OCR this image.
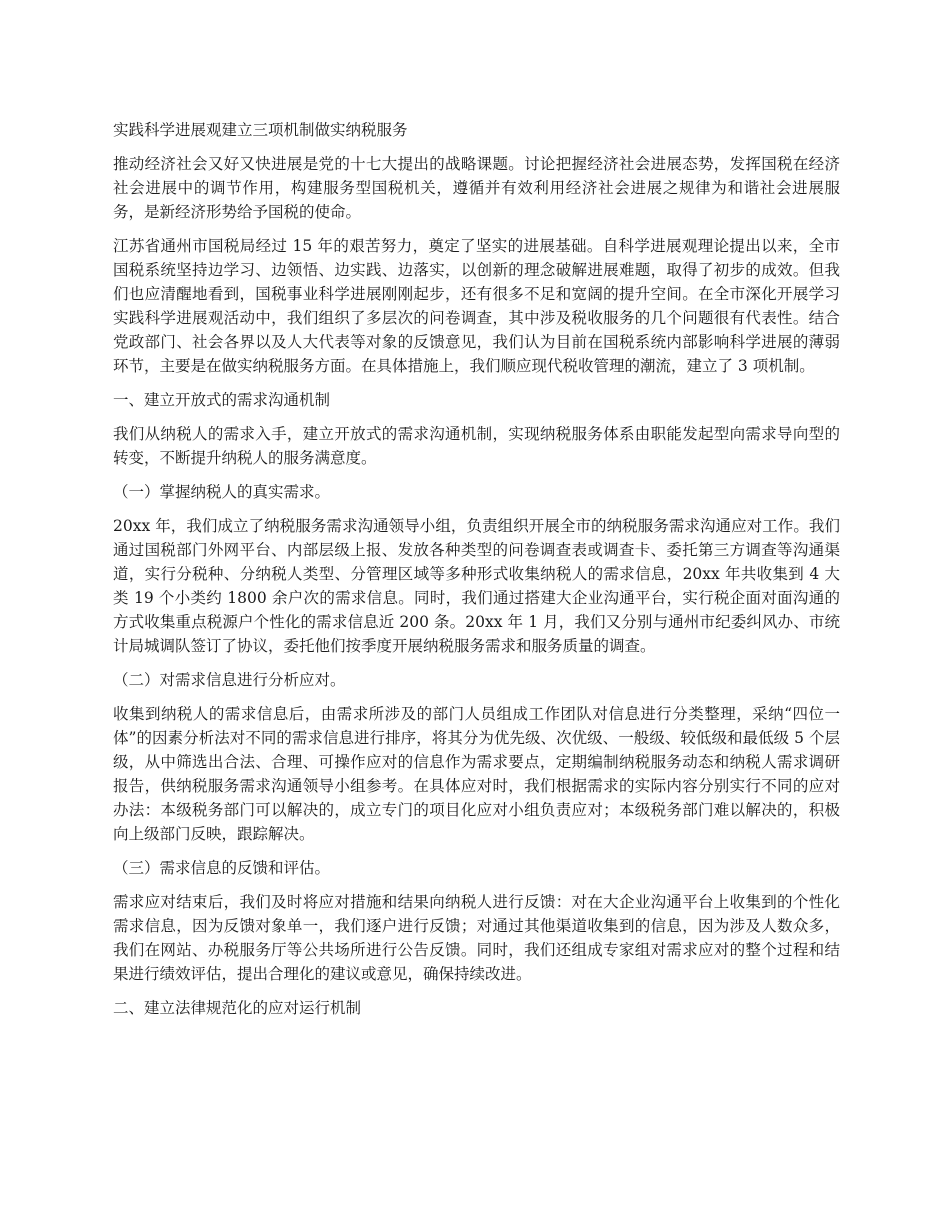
实践科学进展观建立三项机制做实纳税服务

推动经济社会又好又快进展是党的十七大提出的战略课题。讨论把握经济社会进展态势，发挥国税在经济社会进展中的调节作用，构建服务型国税机关，遵循并有效利用经济社会进展之规律为和谐社会进展服务，是新经济形势给予国税的使命。

江苏省通州市国税局经过 15 年的艰苦努力，奠定了坚实的进展基础。自科学进展观理论提出以来，全市国税系统坚持边学习、边领悟、边实践、边落实，以创新的理念破解进展难题，取得了初步的成效。但我们也应清醒地看到，国税事业科学进展刚刚起步，还有很多不足和宽阔的提升空间。在全市深化开展学习实践科学进展观活动中，我们组织了多层次的问卷调查，其中涉及税收服务的几个问题很有代表性。结合党政部门、社会各界以及人大代表等对象的反馈意见，我们认为目前在国税系统内部影响科学进展的薄弱环节，主要是在做实纳税服务方面。在具体措施上，我们顺应现代税收管理的潮流，建立了 3 项机制。

一、建立开放式的需求沟通机制

我们从纳税人的需求入手，建立开放式的需求沟通机制，实现纳税服务体系由职能发起型向需求导向型的转变，不断提升纳税人的服务满意度。

（一）掌握纳税人的真实需求。

20xx 年，我们成立了纳税服务需求沟通领导小组，负责组织开展全市的纳税服务需求沟通应对工作。我们通过国税部门外网平台、内部层级上报、发放各种类型的问卷调查表或调查卡、委托第三方调查等沟通渠道，实行分税种、分纳税人类型、分管理区域等多种形式收集纳税人的需求信息，20xx 年共收集到 4 大类 19 个小类约 1800 余户次的需求信息。同时，我们通过搭建大企业沟通平台，实行税企面对面沟通的方式收集重点税源户个性化的需求信息近 200 条。20xx 年 1 月，我们又分别与通州市纪委纠风办、市统计局城调队签订了协议，委托他们按季度开展纳税服务需求和服务质量的调查。

（二）对需求信息进行分析应对。

收集到纳税人的需求信息后，由需求所涉及的部门人员组成工作团队对信息进行分类整理，采纳“四位一体”的因素分析法对不同的需求信息进行排序，将其分为优先级、次优级、一般级、较低级和最低级 5 个层级，从中筛选出合法、合理、可操作应对的信息作为需求要点，定期编制纳税服务动态和纳税人需求调研报告，供纳税服务需求沟通领导小组参考。在具体应对时，我们根据需求的实际内容分别实行不同的应对办法：本级税务部门可以解决的，成立专门的项目化应对小组负责应对；本级税务部门难以解决的，积极向上级部门反映，跟踪解决。

（三）需求信息的反馈和评估。

需求应对结束后，我们及时将应对措施和结果向纳税人进行反馈：对在大企业沟通平台上收集到的个性化需求信息，因为反馈对象单一，我们逐户进行反馈；对通过其他渠道收集到的信息，因为涉及人数众多，我们在网站、办税服务厅等公共场所进行公告反馈。同时，我们还组成专家组对需求应对的整个过程和结果进行绩效评估，提出合理化的建议或意见，确保持续改进。

二、建立法律规范化的应对运行机制
